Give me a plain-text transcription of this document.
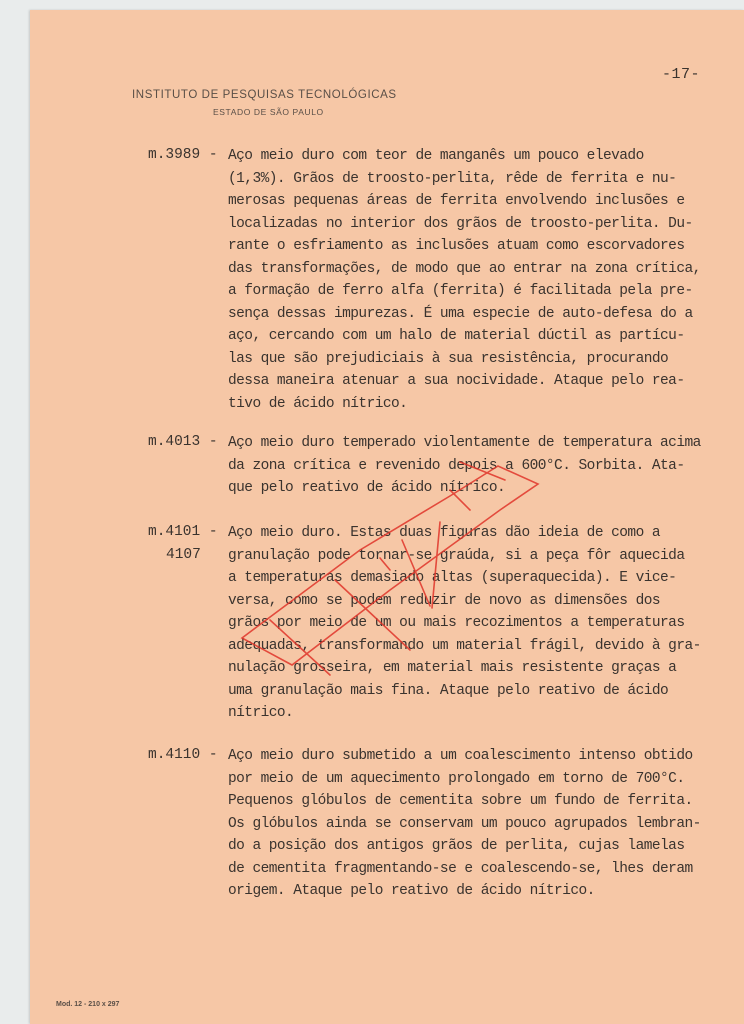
-17-
INSTITUTO DE PESQUISAS TECNOLÓGICAS
ESTADO DE SÃO PAULO
m.3989 - Aço meio duro com teor de manganês um pouco elevado
(1,3%). Grãos de troosto-perlita, rêde de ferrita e nu-
merosas pequenas áreas de ferrita envolvendo inclusões e
localizadas no interior dos grãos de troosto-perlita. Du-
rante o esfriamento as inclusões atuam como escorvadores
das transformações, de modo que ao entrar na zona crítica,
a formação de ferro alfa (ferrita) é facilitada pela pre-
sença dessas impurezas. É uma especie de auto-defesa do a
aço, cercando com um halo de material dúctil as partícu-
las que são prejudiciais à sua resistência, procurando
dessa maneira atenuar a sua nocividade. Ataque pelo rea-
tivo de ácido nítrico.
m.4013 - Aço meio duro temperado violentamente de temperatura acima
da zona crítica e revenido depois a 600°C. Sorbita. Ata-
que pelo reativo de ácido nítrico.
m.4101 -
4107
Aço meio duro. Estas duas figuras dão ideia de como a
granulação pode tornar-se graúda, si a peça fôr aquecida
a temperaturas demasiado altas (superaquecida). E vice-
versa, como se podem reduzir de novo as dimensões dos
grãos por meio de um ou mais recozimentos a temperaturas
adequadas, transformando um material frágil, devido à gra-
nulação grosseira, em material mais resistente graças a
uma granulação mais fina. Ataque pelo reativo de ácido
nítrico.
m.4110 - Aço meio duro submetido a um coalescimento intenso obtido
por meio de um aquecimento prolongado em torno de 700°C.
Pequenos glóbulos de cementita sobre um fundo de ferrita.
Os glóbulos ainda se conservam um pouco agrupados lembran-
do a posição dos antigos grãos de perlita, cujas lamelas
de cementita fragmentando-se e coalescendo-se, lhes deram
origem. Ataque pelo reativo de ácido nítrico.
Mod. 12 - 210 x 297
